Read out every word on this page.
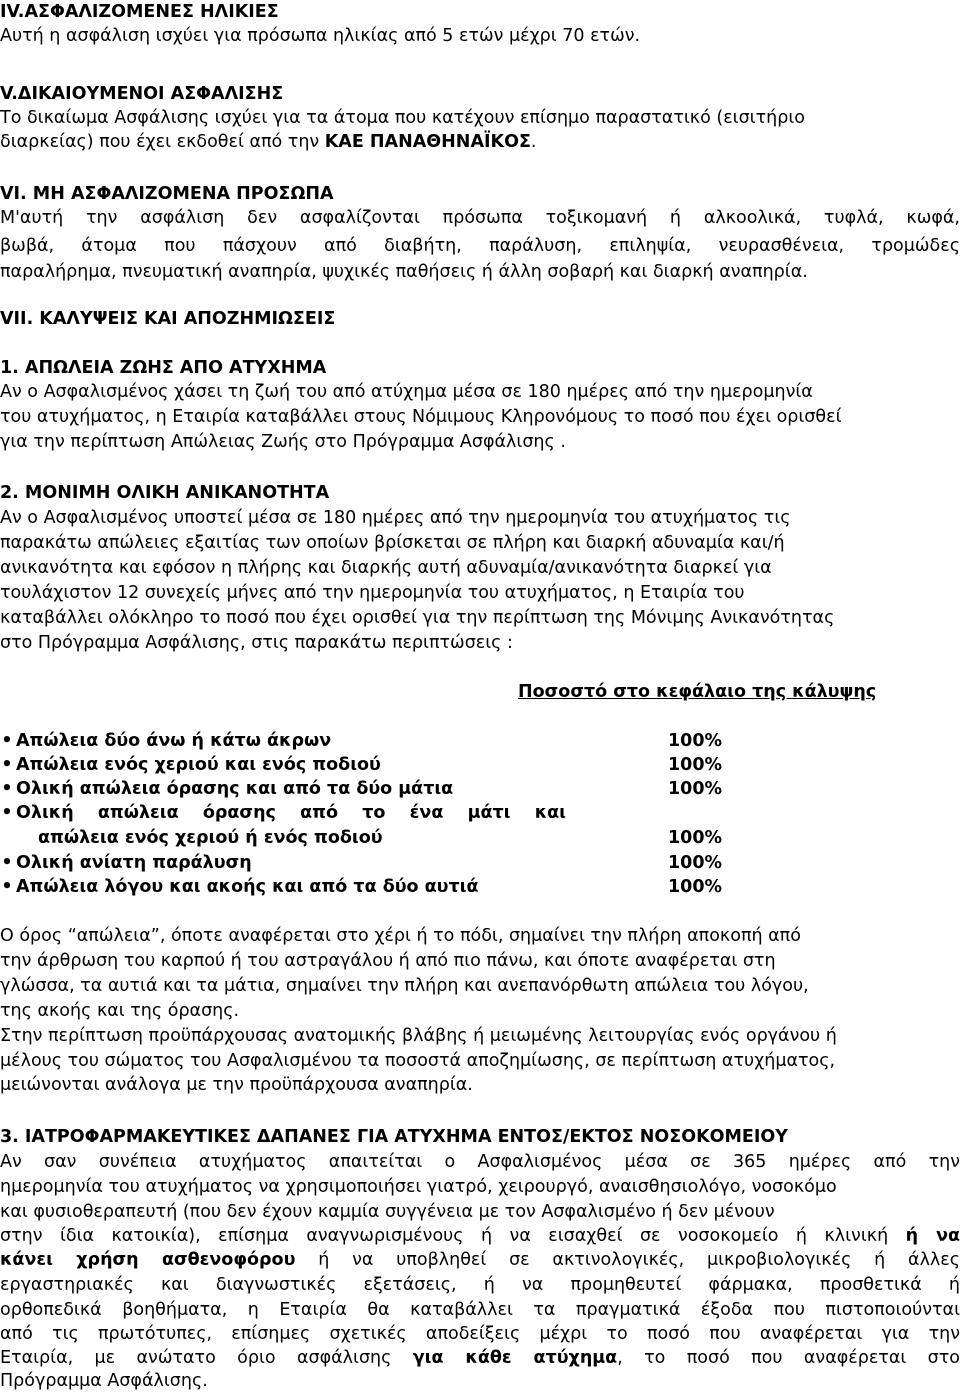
IV.ΑΣΦΑΛΙΖΟΜΕΝΕΣ ΗΛΙΚΙΕΣ
Αυτή η ασφάλιση ισχύει για πρόσωπα ηλικίας από 5 ετών μέχρι 70 ετών.
V.ΔΙΚΑΙΟΥΜΕΝΟΙ ΑΣΦΑΛΙΣΗΣ
Το δικαίωμα Ασφάλισης ισχύει για τα άτομα που κατέχουν επίσημο παραστατικό (εισιτήριο
διαρκείας) που έχει εκδοθεί από την ΚΑΕ ΠΑΝΑΘΗΝΑΪΚΟΣ.
VI. ΜΗ ΑΣΦΑΛΙΖΟΜΕΝΑ ΠΡΟΣΩΠΑ
Μ'αυτή την ασφάλιση δεν ασφαλίζονται πρόσωπα τοξικομανή ή αλκοολικά, τυφλά, κωφά,
βωβά, άτομα που πάσχουν από διαβήτη, παράλυση, επιληψία, νευρασθένεια, τρομώδες
παραλήρημα, πνευματική αναπηρία, ψυχικές παθήσεις ή άλλη σοβαρή και διαρκή αναπηρία.
VII. ΚΑΛΥΨΕΙΣ ΚΑΙ ΑΠΟΖΗΜΙΩΣΕΙΣ
1. ΑΠΩΛΕΙΑ ΖΩΗΣ ΑΠΟ ΑΤΥΧΗΜΑ
Αν ο Ασφαλισμένος χάσει τη ζωή του από ατύχημα μέσα σε 180 ημέρες από την ημερομηνία
του ατυχήματος, η Εταιρία καταβάλλει στους Νόμιμους Κληρονόμους το ποσό που έχει ορισθεί
για την περίπτωση Απώλειας Ζωής στο Πρόγραμμα Ασφάλισης .
2. ΜΟΝΙΜΗ ΟΛΙΚΗ ΑΝΙΚΑΝΟΤΗΤΑ
Αν ο Ασφαλισμένος υποστεί μέσα σε 180 ημέρες από την ημερομηνία του ατυχήματος τις
παρακάτω απώλειες εξαιτίας των οποίων βρίσκεται σε πλήρη και διαρκή αδυναμία και/ή
ανικανότητα και εφόσον η πλήρης και διαρκής αυτή αδυναμία/ανικανότητα διαρκεί για
τουλάχιστον 12 συνεχείς μήνες από την ημερομηνία του ατυχήματος, η Εταιρία του
καταβάλλει ολόκληρο το ποσό που έχει ορισθεί για την περίπτωση της Μόνιμης Ανικανότητας
στο Πρόγραμμα Ασφάλισης, στις παρακάτω περιπτώσεις :
Ποσοστό στο κεφάλαιο της κάλυψης
• Απώλεια δύο άνω ή κάτω άκρων	100%
• Απώλεια ενός χεριού και ενός ποδιού	100%
• Ολική απώλεια όρασης και από τα δύο μάτια	100%
• Ολική απώλεια όρασης από το ένα μάτι και
απώλεια ενός χεριού ή ενός ποδιού	100%
• Ολική ανίατη παράλυση	100%
• Απώλεια λόγου και ακοής και από τα δύο αυτιά	100%
Ο όρος “απώλεια”, όποτε αναφέρεται στο χέρι ή το πόδι, σημαίνει την πλήρη αποκοπή από
την άρθρωση του καρπού ή του αστραγάλου ή από πιο πάνω, και όποτε αναφέρεται στη
γλώσσα, τα αυτιά και τα μάτια, σημαίνει την πλήρη και ανεπανόρθωτη απώλεια του λόγου,
της ακοής και της όρασης.
Στην περίπτωση προϋπάρχουσας ανατομικής βλάβης ή μειωμένης λειτουργίας ενός οργάνου ή
μέλους του σώματος του Ασφαλισμένου τα ποσοστά αποζημίωσης, σε περίπτωση ατυχήματος,
μειώνονται ανάλογα με την προϋπάρχουσα αναπηρία.
3. ΙΑΤΡΟΦΑΡΜΑΚΕΥΤΙΚΕΣ ΔΑΠΑΝΕΣ ΓΙΑ ΑΤΥΧΗΜΑ ΕΝΤΟΣ/ΕΚΤΟΣ ΝΟΣΟΚΟΜΕΙΟΥ
Αν σαν συνέπεια ατυχήματος απαιτείται ο Ασφαλισμένος μέσα σε 365 ημέρες από την
ημερομηνία του ατυχήματος να χρησιμοποιήσει γιατρό, χειρουργό, αναισθησιολόγο, νοσοκόμο
και φυσιοθεραπευτή (που δεν έχουν καμμία συγγένεια με τον Ασφαλισμένο ή δεν μένουν
στην ίδια κατοικία), επίσημα αναγνωρισμένους ή να εισαχθεί σε νοσοκομείο ή κλινική ή να
κάνει χρήση ασθενοφόρου ή να υποβληθεί σε ακτινολογικές, μικροβιολογικές ή άλλες
εργαστηριακές και διαγνωστικές εξετάσεις, ή να προμηθευτεί φάρμακα, προσθετικά ή
ορθοπεδικά βοηθήματα, η Εταιρία θα καταβάλλει τα πραγματικά έξοδα που πιστοποιούνται
από τις πρωτότυπες, επίσημες σχετικές αποδείξεις μέχρι το ποσό που αναφέρεται για την
Εταιρία, με ανώτατο όριο ασφάλισης για κάθε ατύχημα, το ποσό που αναφέρεται στο
Πρόγραμμα Ασφάλισης.
